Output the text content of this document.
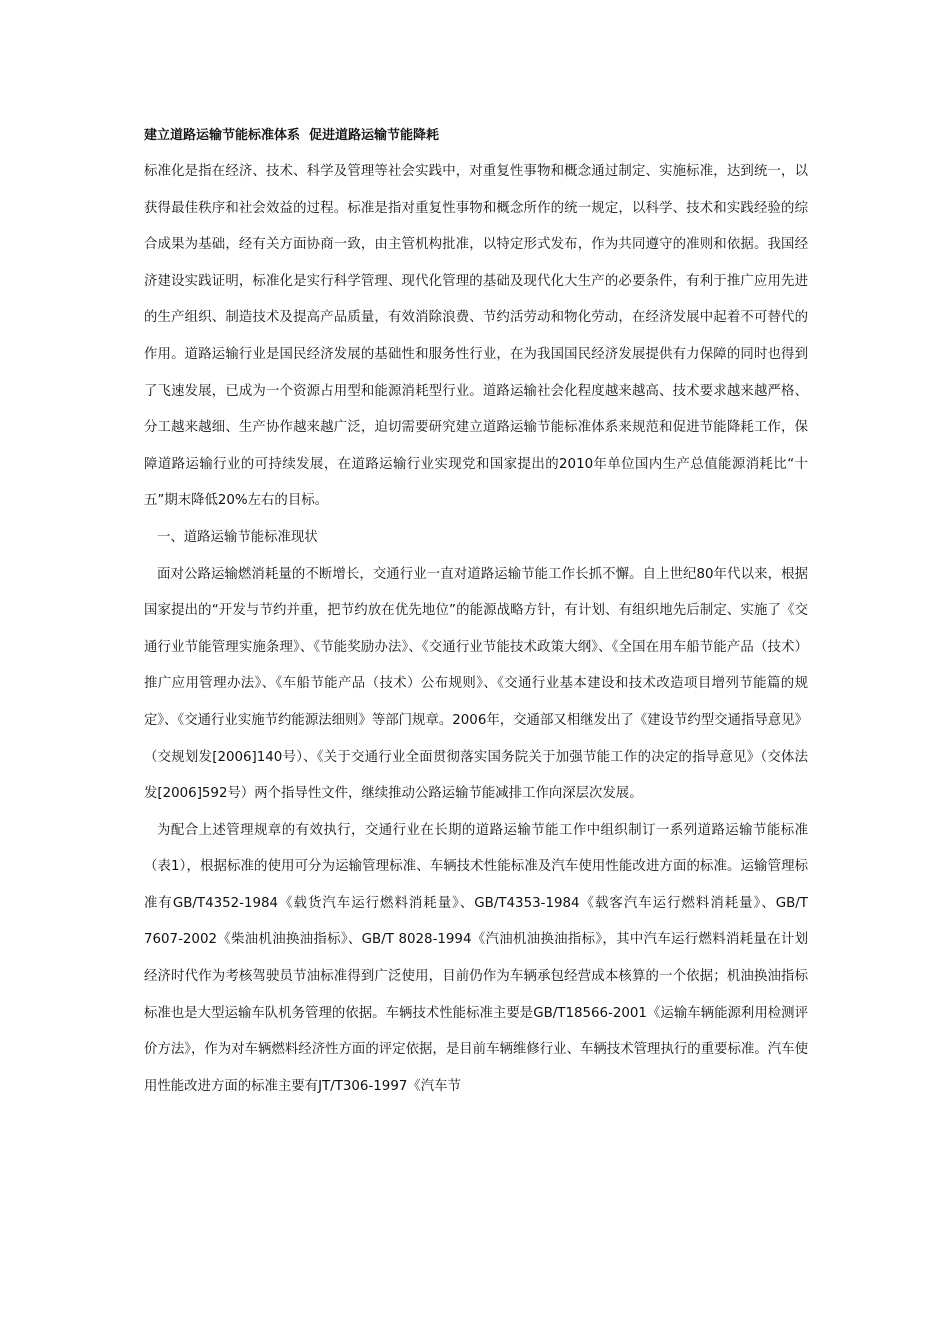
建立道路运输节能标准体系  促进道路运输节能降耗

标准化是指在经济、技术、科学及管理等社会实践中，对重复性事物和概念通过制定、实施标准，达到统一，以获得最佳秩序和社会效益的过程。标准是指对重复性事物和概念所作的统一规定，以科学、技术和实践经验的综合成果为基础，经有关方面协商一致，由主管机构批准，以特定形式发布，作为共同遵守的准则和依据。我国经济建设实践证明，标准化是实行科学管理、现代化管理的基础及现代化大生产的必要条件，有利于推广应用先进的生产组织、制造技术及提高产品质量，有效消除浪费、节约活劳动和物化劳动，在经济发展中起着不可替代的作用。道路运输行业是国民经济发展的基础性和服务性行业，在为我国国民经济发展提供有力保障的同时也得到了飞速发展，已成为一个资源占用型和能源消耗型行业。道路运输社会化程度越来越高、技术要求越来越严格、分工越来越细、生产协作越来越广泛，迫切需要研究建立道路运输节能标准体系来规范和促进节能降耗工作，保障道路运输行业的可持续发展，在道路运输行业实现党和国家提出的2010年单位国内生产总值能源消耗比“十五”期末降低20%左右的目标。

一、道路运输节能标准现状

面对公路运输燃消耗量的不断增长，交通行业一直对道路运输节能工作长抓不懈。自上世纪80年代以来，根据国家提出的“开发与节约并重，把节约放在优先地位”的能源战略方针，有计划、有组织地先后制定、实施了《交通行业节能管理实施条理》、《节能奖励办法》、《交通行业节能技术政策大纲》、《全国在用车船节能产品（技术）推广应用管理办法》、《车船节能产品（技术）公布规则》、《交通行业基本建设和技术改造项目增列节能篇的规定》、《交通行业实施节约能源法细则》等部门规章。2006年，交通部又相继发出了《建设节约型交通指导意见》（交规划发[2006]140号）、《关于交通行业全面贯彻落实国务院关于加强节能工作的决定的指导意见》（交体法发[2006]592号）两个指导性文件，继续推动公路运输节能减排工作向深层次发展。

为配合上述管理规章的有效执行，交通行业在长期的道路运输节能工作中组织制订一系列道路运输节能标准（表1），根据标准的使用可分为运输管理标准、车辆技术性能标准及汽车使用性能改进方面的标准。运输管理标准有GB/T4352-1984《载货汽车运行燃料消耗量》、GB/T4353-1984《载客汽车运行燃料消耗量》、GB/T 7607-2002《柴油机油换油指标》、GB/T 8028-1994《汽油机油换油指标》，其中汽车运行燃料消耗量在计划经济时代作为考核驾驶员节油标准得到广泛使用，目前仍作为车辆承包经营成本核算的一个依据；机油换油指标标准也是大型运输车队机务管理的依据。车辆技术性能标准主要是GB/T18566-2001《运输车辆能源利用检测评价方法》，作为对车辆燃料经济性方面的评定依据，是目前车辆维修行业、车辆技术管理执行的重要标准。汽车使用性能改进方面的标准主要有JT/T306-1997《汽车节
